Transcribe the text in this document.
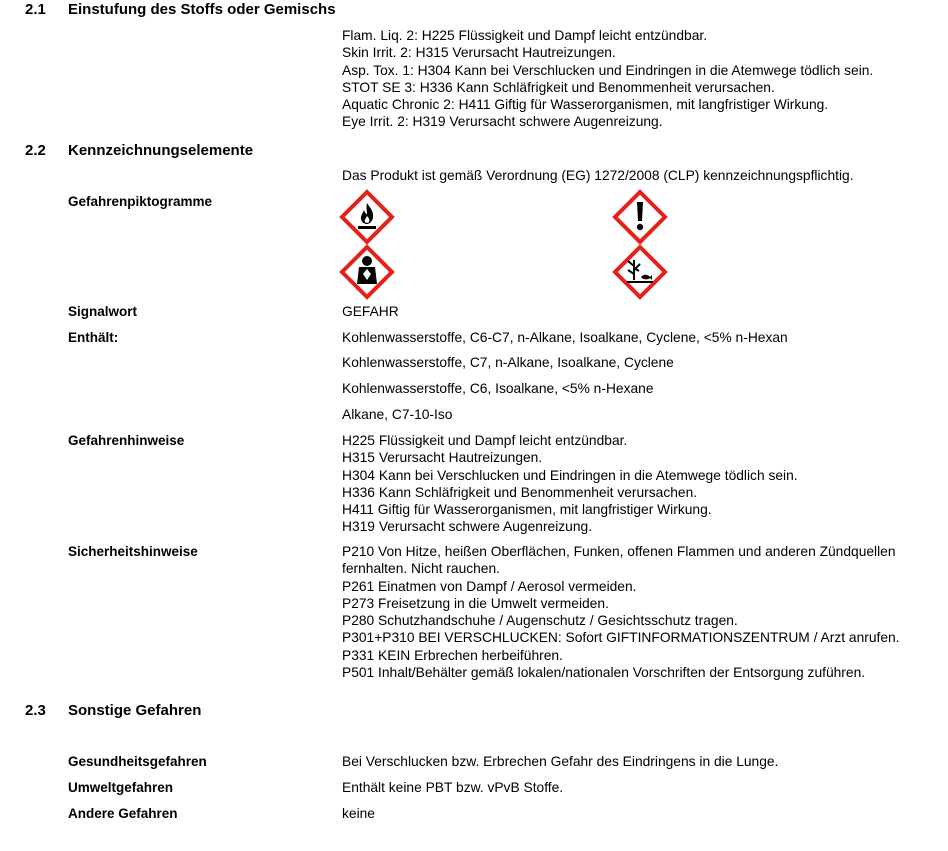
2.1 Einstufung des Stoffs oder Gemischs
Flam. Liq. 2: H225 Flüssigkeit und Dampf leicht entzündbar.
Skin Irrit. 2: H315 Verursacht Hautreizungen.
Asp. Tox. 1: H304 Kann bei Verschlucken und Eindringen in die Atemwege tödlich sein.
STOT SE 3: H336 Kann Schläfrigkeit und Benommenheit verursachen.
Aquatic Chronic 2: H411 Giftig für Wasserorganismen, mit langfristiger Wirkung.
Eye Irrit. 2: H319 Verursacht schwere Augenreizung.
2.2 Kennzeichnungselemente
Das Produkt ist gemäß Verordnung (EG) 1272/2008 (CLP) kennzeichnungspflichtig.
Gefahrenpiktogramme
Signalwort	GEFAHR
Enthält:	Kohlenwasserstoffe, C6-C7, n-Alkane, Isoalkane, Cyclene, <5% n-Hexan
Kohlenwasserstoffe, C7, n-Alkane, Isoalkane, Cyclene
Kohlenwasserstoffe, C6, Isoalkane, <5% n-Hexane
Alkane, C7-10-Iso
Gefahrenhinweise	H225 Flüssigkeit und Dampf leicht entzündbar.
H315 Verursacht Hautreizungen.
H304 Kann bei Verschlucken und Eindringen in die Atemwege tödlich sein.
H336 Kann Schläfrigkeit und Benommenheit verursachen.
H411 Giftig für Wasserorganismen, mit langfristiger Wirkung.
H319 Verursacht schwere Augenreizung.
Sicherheitshinweise	P210 Von Hitze, heißen Oberflächen, Funken, offenen Flammen und anderen Zündquellen
fernhalten. Nicht rauchen.
P261 Einatmen von Dampf / Aerosol vermeiden.
P273 Freisetzung in die Umwelt vermeiden.
P280 Schutzhandschuhe / Augenschutz / Gesichtsschutz tragen.
P301+P310 BEI VERSCHLUCKEN: Sofort GIFTINFORMATIONSZENTRUM / Arzt anrufen.
P331 KEIN Erbrechen herbeiführen.
P501 Inhalt/Behälter gemäß lokalen/nationalen Vorschriften der Entsorgung zuführen.
2.3 Sonstige Gefahren
Gesundheitsgefahren	Bei Verschlucken bzw. Erbrechen Gefahr des Eindringens in die Lunge.
Umweltgefahren	Enthält keine PBT bzw. vPvB Stoffe.
Andere Gefahren	keine
